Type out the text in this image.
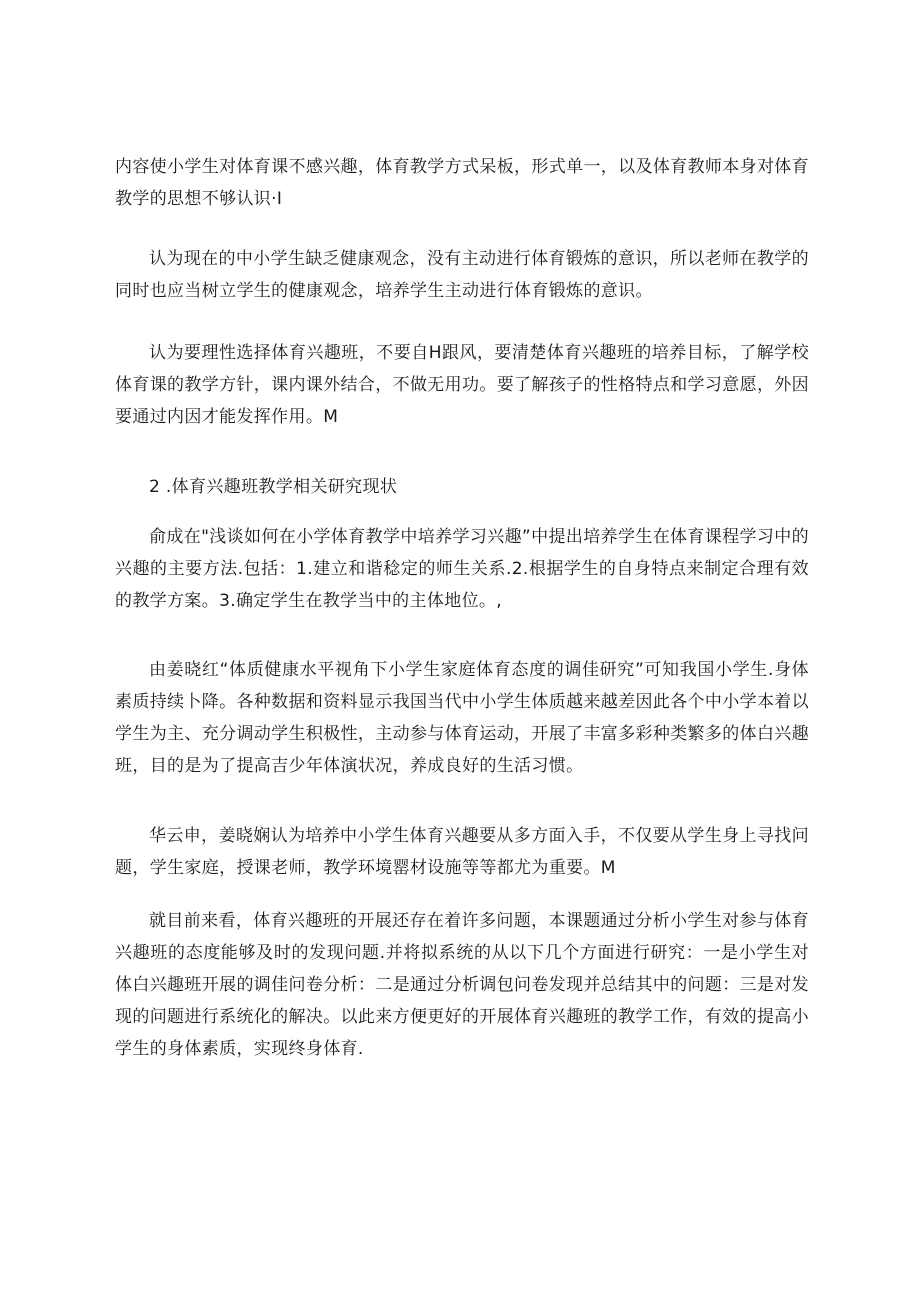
内容使小学生对体育课不感兴趣，体育教学方式呆板，形式单一，以及体育教师本身对体育教学的思想不够认识·I

认为现在的中小学生缺乏健康观念，没有主动进行体育锻炼的意识，所以老师在教学的同时也应当树立学生的健康观念，培养学生主动进行体育锻炼的意识。

认为要理性选择体育兴趣班，不要自H跟风，要清楚体育兴趣班的培养目标，了解学校体育课的教学方针，课内课外结合，不做无用功。要了解孩子的性格特点和学习意愿，外因要通过内因才能发挥作用。M

2 .体育兴趣班教学相关研究现状

俞成在"浅谈如何在小学体育教学中培养学习兴趣”中提出培养学生在体育课程学习中的兴趣的主要方法.包括：1.建立和谐稔定的师生关系.2.根据学生的自身特点来制定合理有效的教学方案。3.确定学生在教学当中的主体地位。,

由姜晓红“体质健康水平视角下小学生家庭体育态度的调佳研究”可知我国小学生.身体素质持续卜降。各种数据和资料显示我国当代中小学生体质越来越差因此各个中小学本着以学生为主、充分调动学生积极性，主动参与体育运动，开展了丰富多彩种类繁多的体白兴趣班，目的是为了提高吉少年体演状况，养成良好的生活习惯。

华云申，姜晓娴认为培养中小学生体育兴趣要从多方面入手，不仅要从学生身上寻找问题，学生家庭，授课老师，教学环境罂材设施等等都尤为重要。M

就目前来看，体育兴趣班的开展还存在着许多问题，本课题通过分析小学生对参与体育兴趣班的态度能够及时的发现问题.并将拟系统的从以下几个方面进行研究：一是小学生对体白兴趣班开展的调佳问卷分析：二是通过分析调包问卷发现并总结其中的问题：三是对发现的问题进行系统化的解决。以此来方便更好的开展体育兴趣班的教学工作，有效的提高小学生的身体素质，实现终身体育.
